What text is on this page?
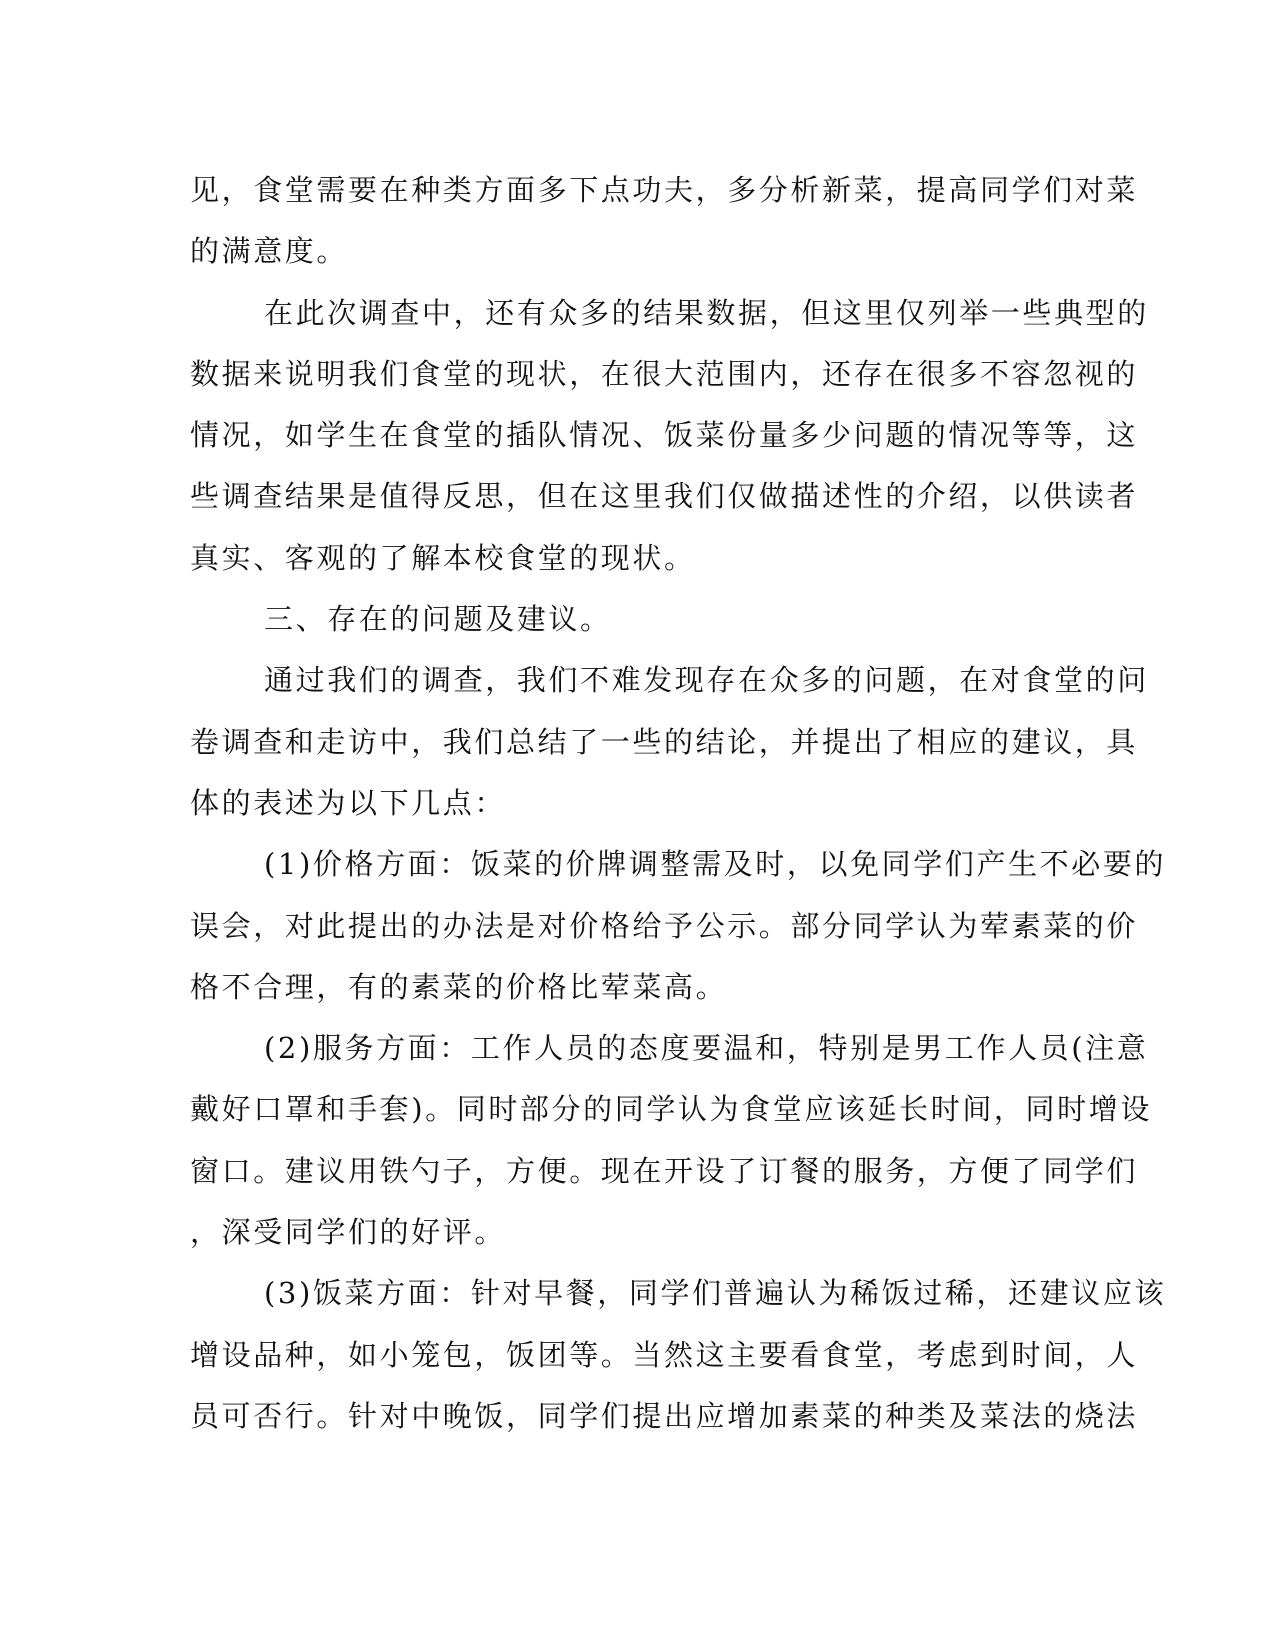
见，食堂需要在种类方面多下点功夫，多分析新菜，提高同学们对菜
的满意度。
在此次调查中，还有众多的结果数据，但这里仅列举一些典型的
数据来说明我们食堂的现状，在很大范围内，还存在很多不容忽视的
情况，如学生在食堂的插队情况、饭菜份量多少问题的情况等等，这
些调查结果是值得反思，但在这里我们仅做描述性的介绍，以供读者
真实、客观的了解本校食堂的现状。
三、存在的问题及建议。
通过我们的调查，我们不难发现存在众多的问题，在对食堂的问
卷调查和走访中，我们总结了一些的结论，并提出了相应的建议，具
体的表述为以下几点：
(1)价格方面：饭菜的价牌调整需及时，以免同学们产生不必要的
误会，对此提出的办法是对价格给予公示。部分同学认为荤素菜的价
格不合理，有的素菜的价格比荤菜高。
(2)服务方面：工作人员的态度要温和，特别是男工作人员(注意
戴好口罩和手套)。同时部分的同学认为食堂应该延长时间，同时增设
窗口。建议用铁勺子，方便。现在开设了订餐的服务，方便了同学们
，深受同学们的好评。
(3)饭菜方面：针对早餐，同学们普遍认为稀饭过稀，还建议应该
增设品种，如小笼包，饭团等。当然这主要看食堂，考虑到时间，人
员可否行。针对中晚饭，同学们提出应增加素菜的种类及菜法的烧法
